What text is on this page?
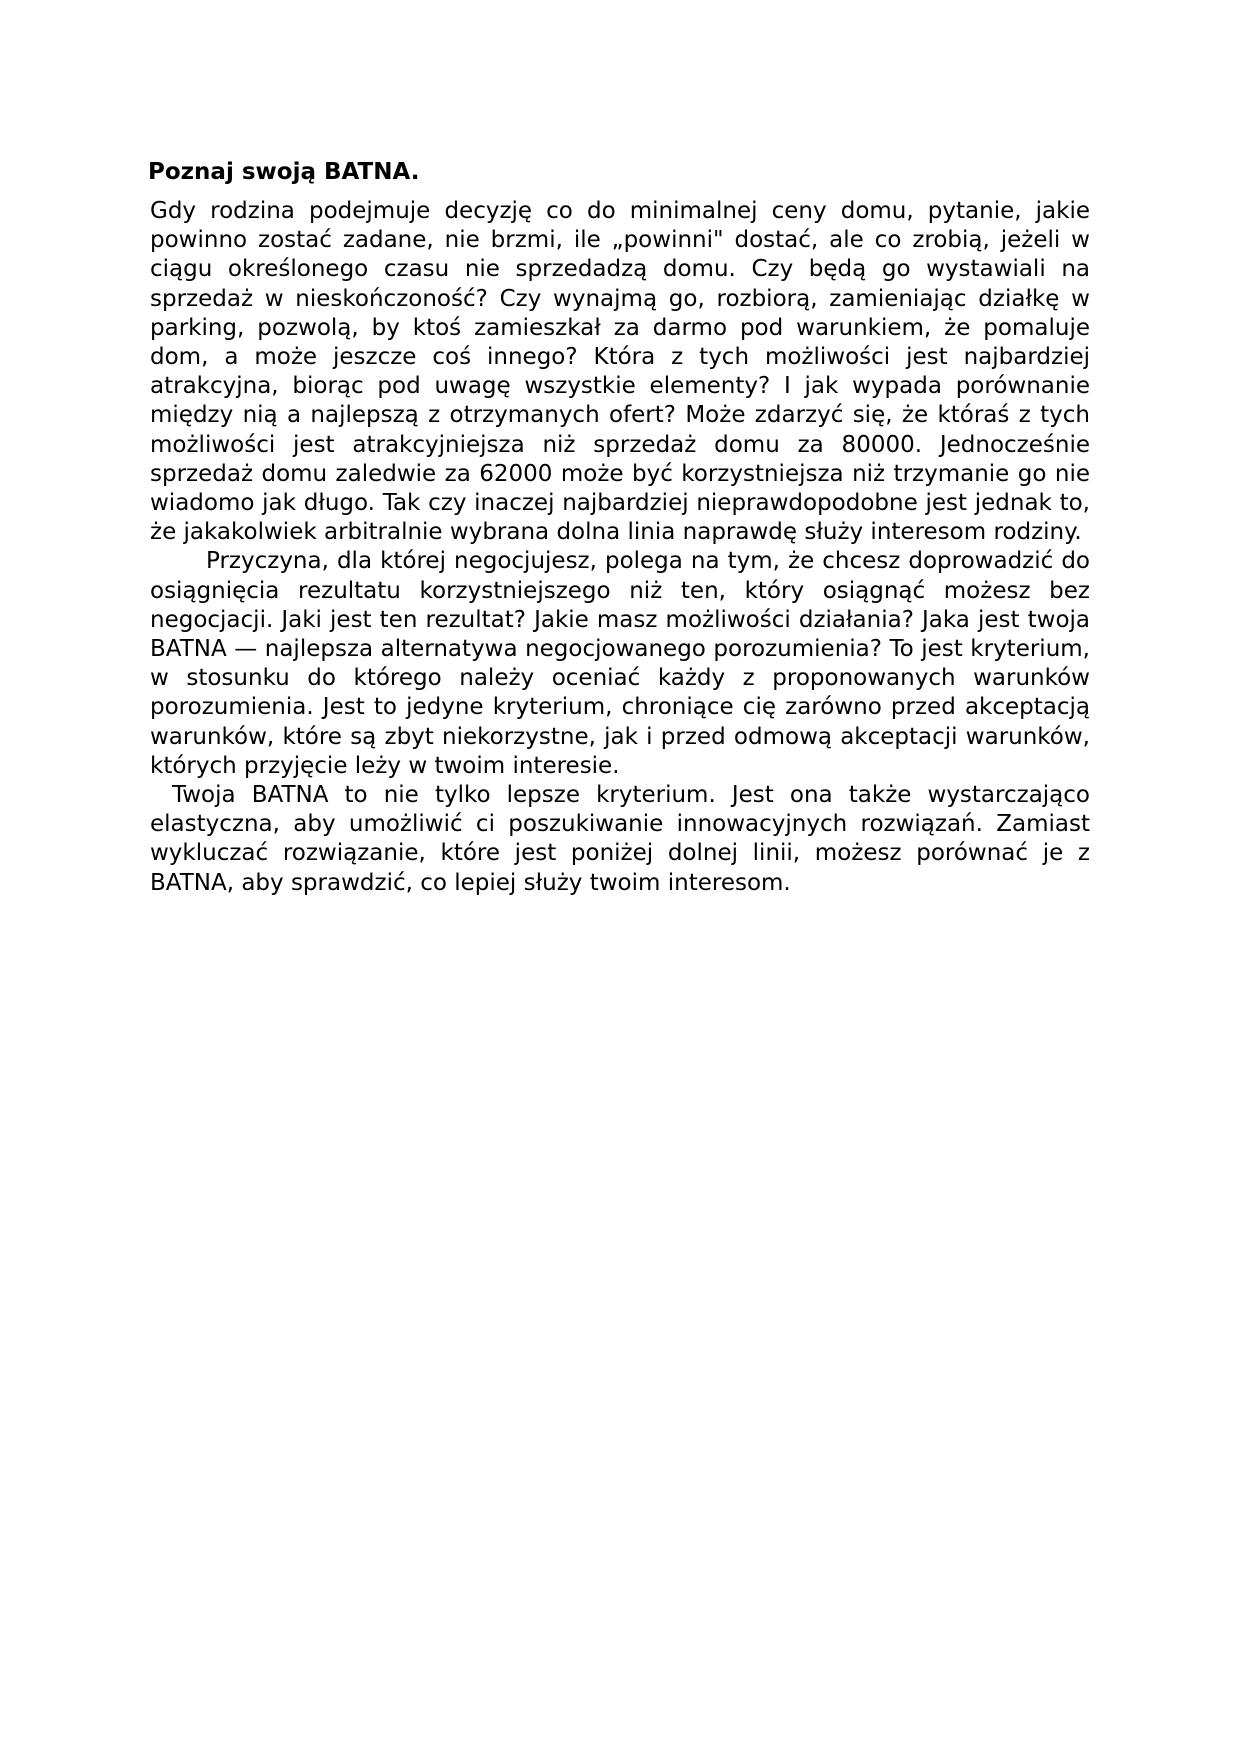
Poznaj swoją BATNA.

Gdy rodzina podejmuje decyzję co do minimalnej ceny domu, pytanie, jakie powinno zostać zadane, nie brzmi, ile „powinni" dostać, ale co zrobią, jeżeli w ciągu określonego czasu nie sprzedadzą domu. Czy będą go wystawiali na sprzedaż w nieskończoność? Czy wynajmą go, rozbiorą, zamieniając działkę w parking, pozwolą, by ktoś zamieszkał za darmo pod warunkiem, że pomaluje dom, a może jeszcze coś innego? Która z tych możliwości jest najbardziej atrakcyjna, biorąc pod uwagę wszystkie elementy? I jak wypada porównanie między nią a najlepszą z otrzymanych ofert? Może zdarzyć się, że któraś z tych możliwości jest atrakcyjniejsza niż sprzedaż domu za 80000. Jednocześnie sprzedaż domu zaledwie za 62000 może być korzystniejsza niż trzymanie go nie wiadomo jak długo. Tak czy inaczej najbardziej nieprawdopodobne jest jednak to, że jakakolwiek arbitralnie wybrana dolna linia naprawdę służy interesom rodziny.

Przyczyna, dla której negocjujesz, polega na tym, że chcesz doprowadzić do osiągnięcia rezultatu korzystniejszego niż ten, który osiągnąć możesz bez negocjacji. Jaki jest ten rezultat? Jakie masz możliwości działania? Jaka jest twoja BATNA — najlepsza alternatywa negocjowanego porozumienia? To jest kryterium, w stosunku do którego należy oceniać każdy z proponowanych warunków porozumienia. Jest to jedyne kryterium, chroniące cię zarówno przed akceptacją warunków, które są zbyt niekorzystne, jak i przed odmową akceptacji warunków, których przyjęcie leży w twoim interesie.

Twoja BATNA to nie tylko lepsze kryterium. Jest ona także wystarczająco elastyczna, aby umożliwić ci poszukiwanie innowacyjnych rozwiązań. Zamiast wykluczać rozwiązanie, które jest poniżej dolnej linii, możesz porównać je z BATNA, aby sprawdzić, co lepiej służy twoim interesom.
